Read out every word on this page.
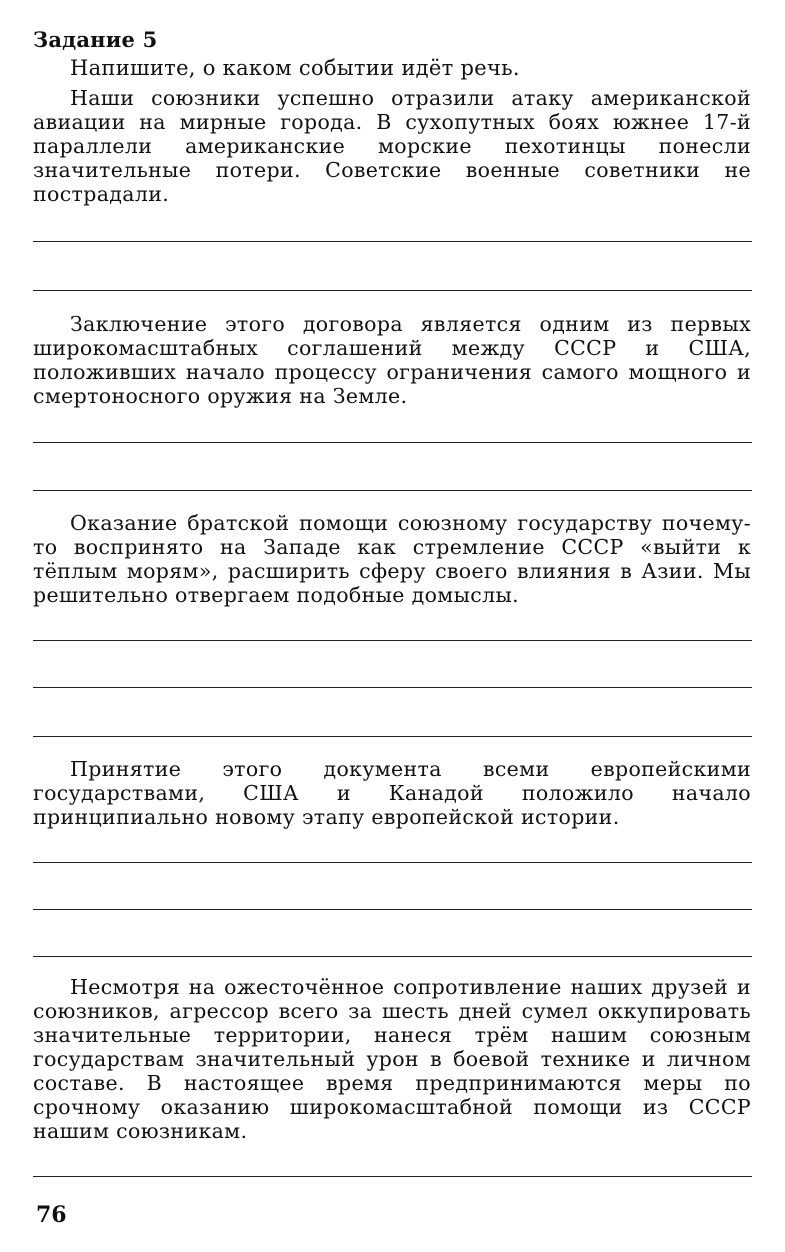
Задание 5
Напишите, о каком событии идёт речь.

Наши союзники успешно отразили атаку американской авиации на мирные города. В сухопутных боях южнее 17-й параллели американские морские пехотинцы понесли значительные потери. Советские военные советники не пострадали.

Заключение этого договора является одним из первых широкомасштабных соглашений между СССР и США, положивших начало процессу ограничения самого мощного и смертоносного оружия на Земле.

Оказание братской помощи союзному государству почему-то воспринято на Западе как стремление СССР «выйти к тёплым морям», расширить сферу своего влияния в Азии. Мы решительно отвергаем подобные домыслы.

Принятие этого документа всеми европейскими государствами, США и Канадой положило начало принципиально новому этапу европейской истории.

Несмотря на ожесточённое сопротивление наших друзей и союзников, агрессор всего за шесть дней сумел оккупировать значительные территории, нанеся трём нашим союзным государствам значительный урон в боевой технике и личном составе. В настоящее время предпринимаются меры по срочному оказанию широкомасштабной помощи из СССР нашим союзникам.

76
